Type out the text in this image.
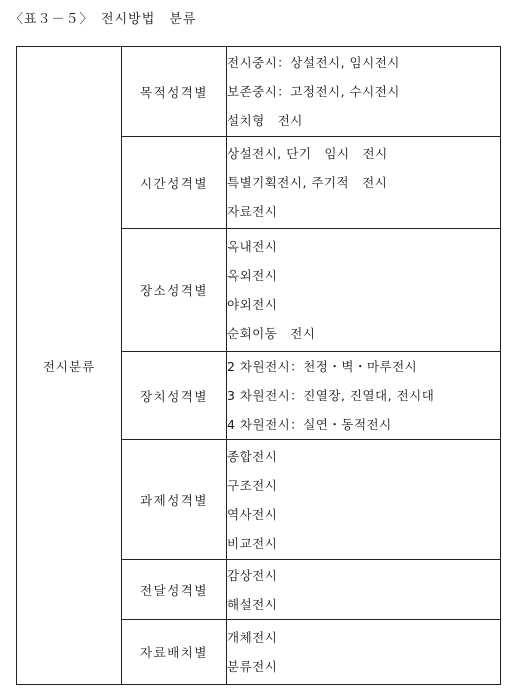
〈표３－５〉　전시방법　분류
전시분류	목적성격별	전시중시：상설전시, 임시전시
보존중시：고정전시, 수시전시
설치형　전시

	시간성격별	상설전시, 단기　임시　전시
특별기획전시, 주기적　전시
자료전시

	장소성격별	옥내전시
옥외전시
야외전시
순회이동　전시

	장치성격별	2 차원전시：천정・벽・마루전시
3 차원전시：진열장, 진열대, 전시대
4 차원전시：실연・동적전시

	과제성격별	종합전시
구조전시
역사전시
비교전시

	전달성격별	감상전시
해설전시

	자료배치별	개체전시
분류전시
